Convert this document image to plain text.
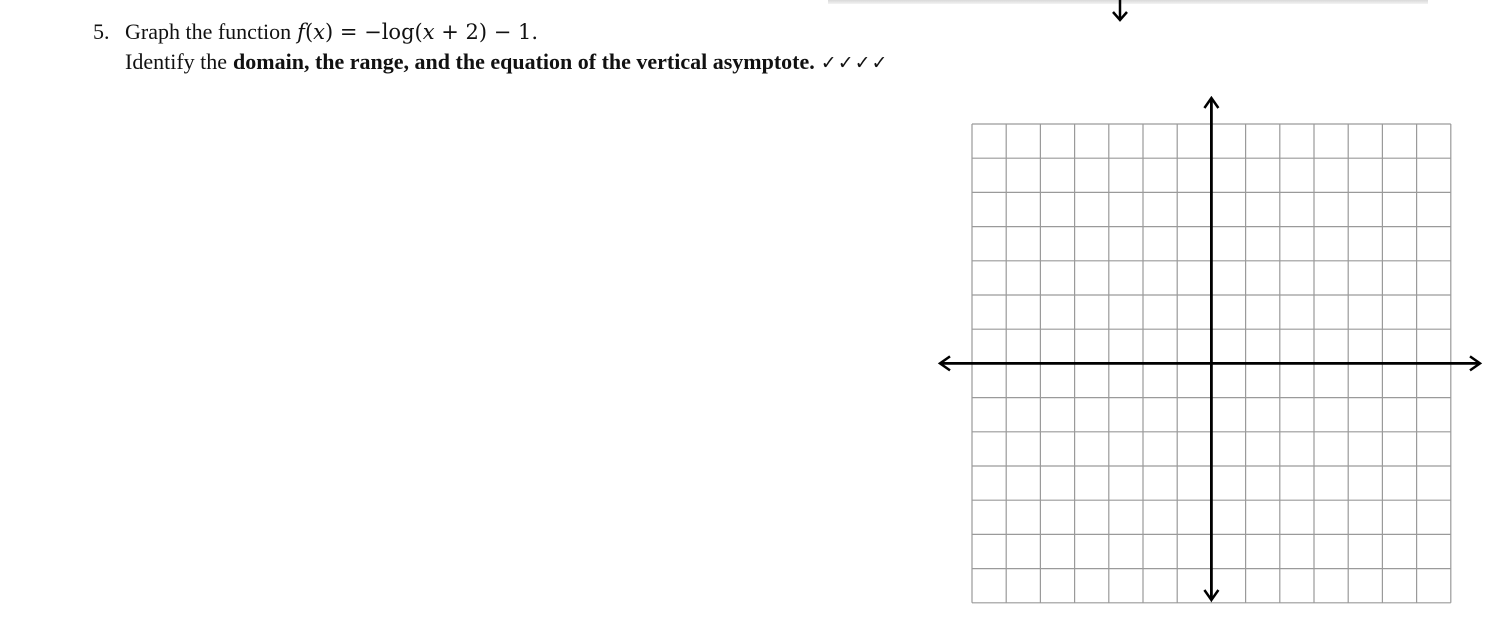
5. Graph the function 𝑓(𝑥) = −log(𝑥 + 2) − 1.
Identify the domain, the range, and the equation of the vertical asymptote. ✓✓✓✓
